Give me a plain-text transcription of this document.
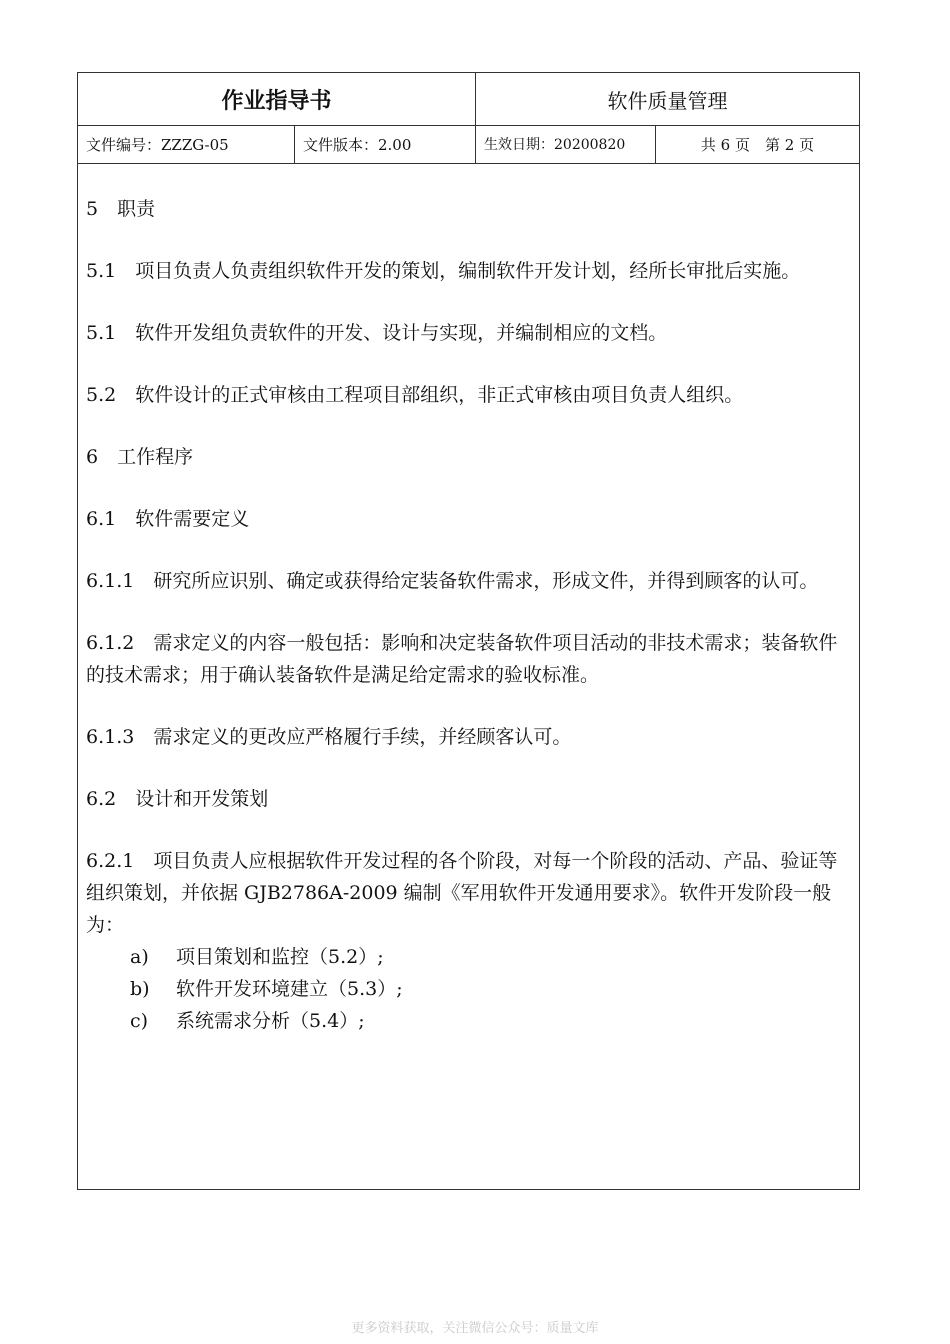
作业指导书	软件质量管理
文件编号：ZZZG-05	文件版本：2.00	生效日期：20200820	共 6 页　第 2 页

5　职责

5.1　项目负责人负责组织软件开发的策划，编制软件开发计划，经所长审批后实施。

5.1　软件开发组负责软件的开发、设计与实现，并编制相应的文档。

5.2　软件设计的正式审核由工程项目部组织，非正式审核由项目负责人组织。

6　工作程序

6.1　软件需要定义

6.1.1　研究所应识别、确定或获得给定装备软件需求，形成文件，并得到顾客的认可。

6.1.2　需求定义的内容一般包括：影响和决定装备软件项目活动的非技术需求；装备软件的技术需求；用于确认装备软件是满足给定需求的验收标准。

6.1.3　需求定义的更改应严格履行手续，并经顾客认可。

6.2　设计和开发策划

6.2.1　项目负责人应根据软件开发过程的各个阶段，对每一个阶段的活动、产品、验证等组织策划，并依据 GJB2786A-2009 编制《军用软件开发通用要求》。软件开发阶段一般为：

a) 项目策划和监控（5.2）;
b) 软件开发环境建立（5.3）;
c) 系统需求分析（5.4）;
更多资料获取，关注微信公众号：质量文库
